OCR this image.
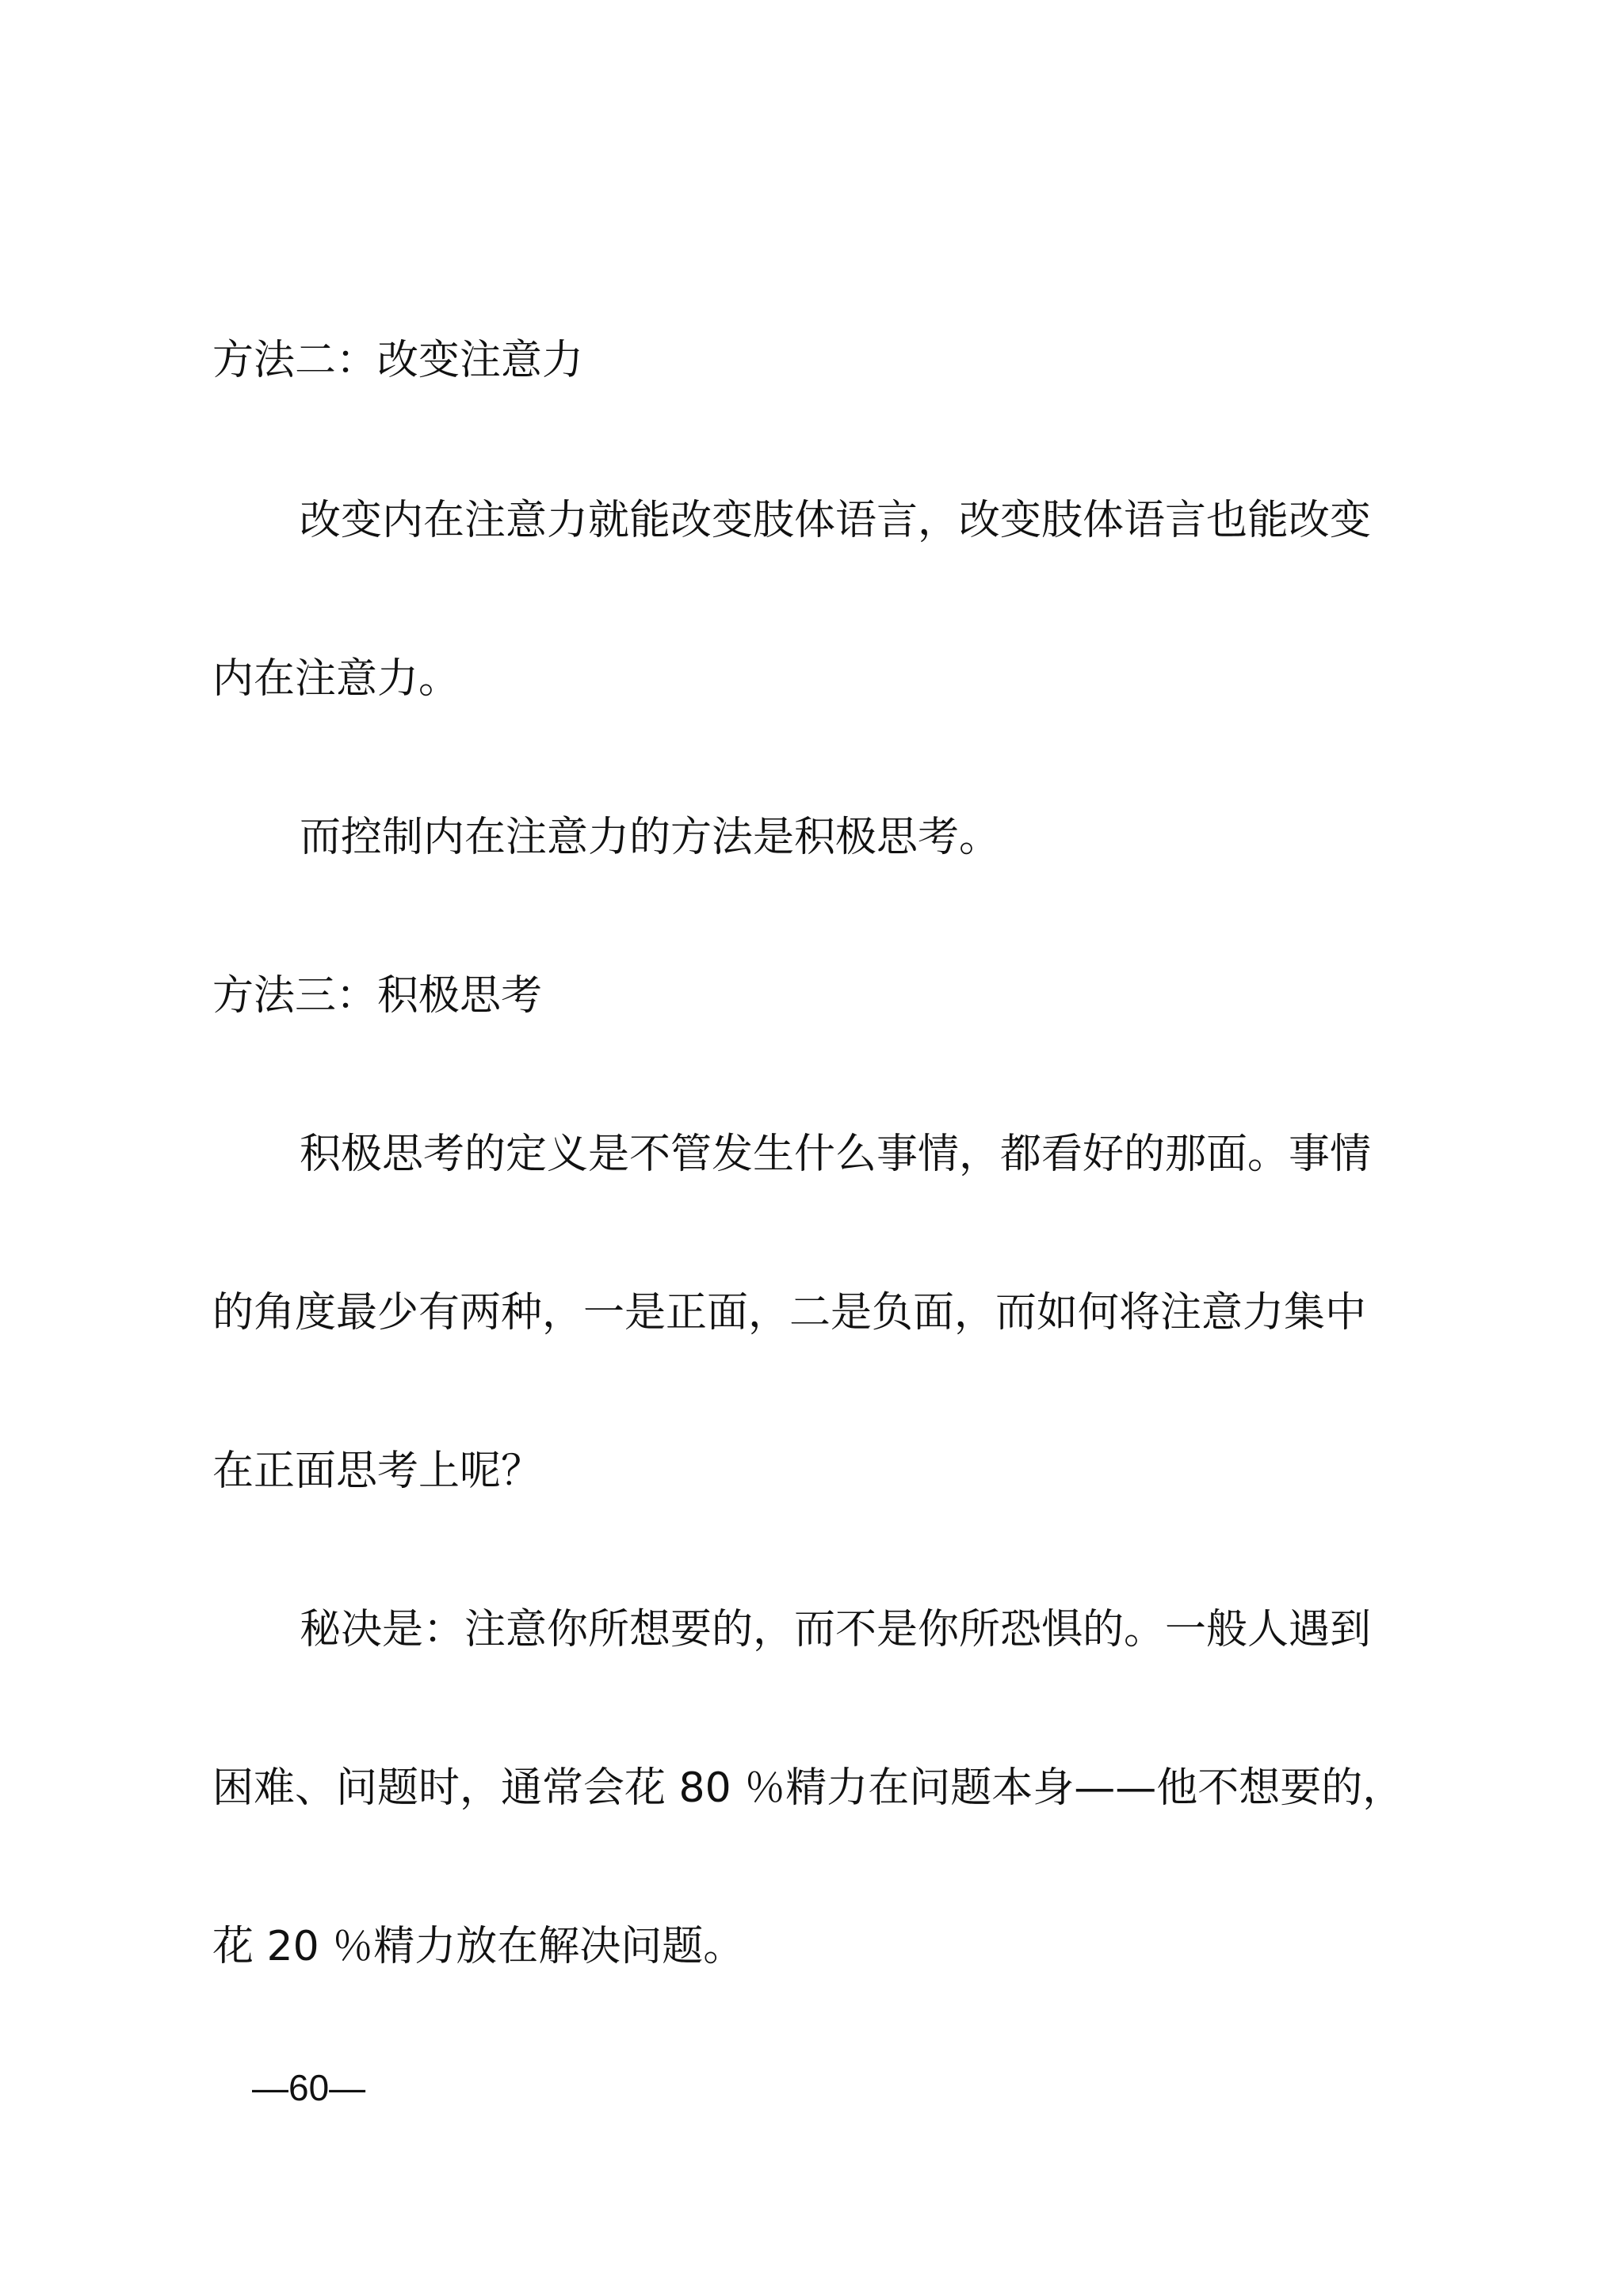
方法二：改变注意力
改变内在注意力就能改变肢体语言，改变肢体语言也能改变
内在注意力。
而控制内在注意力的方法是积极思考。
方法三：积极思考
积极思考的定义是不管发生什么事情，都看好的那面。事情
的角度最少有两种，一是正面，二是负面，而如何将注意力集中
在正面思考上呢？
秘决是：注意你所想要的，而不是你所恐惧的。一般人遇到
困难、问题时，通常会花 80 ％精力在问题本身——他不想要的，
花 20 ％精力放在解决问题。
—60—
